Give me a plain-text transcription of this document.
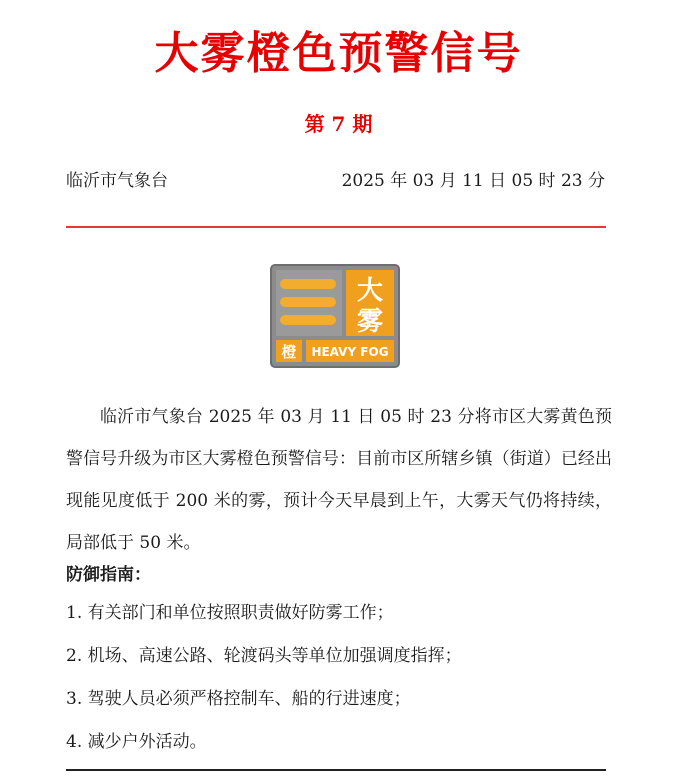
大雾橙色预警信号
第 7 期
临沂市气象台	2025 年 03 月 11 日 05 时 23 分
大
雾
橙 HEAVY FOG
临沂市气象台 2025 年 03 月 11 日 05 时 23 分将市区大雾黄色预警信号升级为市区大雾橙色预警信号：目前市区所辖乡镇（街道）已经出现能见度低于 200 米的雾，预计今天早晨到上午，大雾天气仍将持续，局部低于 50 米。
防御指南：
1. 有关部门和单位按照职责做好防雾工作；
2. 机场、高速公路、轮渡码头等单位加强调度指挥；
3. 驾驶人员必须严格控制车、船的行进速度；
4. 减少户外活动。
